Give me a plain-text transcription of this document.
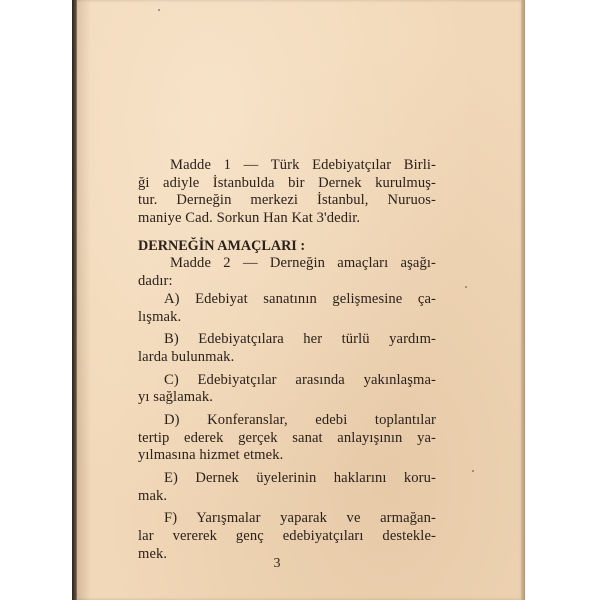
Madde 1 — Türk Edebiyatçılar Birli-
ği adiyle İstanbulda bir Dernek kurulmuş-
tur. Derneğin merkezi İstanbul, Nuruos-
maniye Cad. Sorkun Han Kat 3'dedir.
DERNEĞİN AMAÇLARI :
Madde 2 — Derneğin amaçları aşağı-
dadır:
A) Edebiyat sanatının gelişmesine ça-
lışmak.
B) Edebiyatçılara her türlü yardım-
larda bulunmak.
C) Edebiyatçılar arasında yakınlaşma-
yı sağlamak.
D) Konferanslar, edebi toplantılar
tertip ederek gerçek sanat anlayışının ya-
yılmasına hizmet etmek.
E) Dernek üyelerinin haklarını koru-
mak.
F) Yarışmalar yaparak ve armağan-
lar vererek genç edebiyatçıları destekle-
mek.
3
